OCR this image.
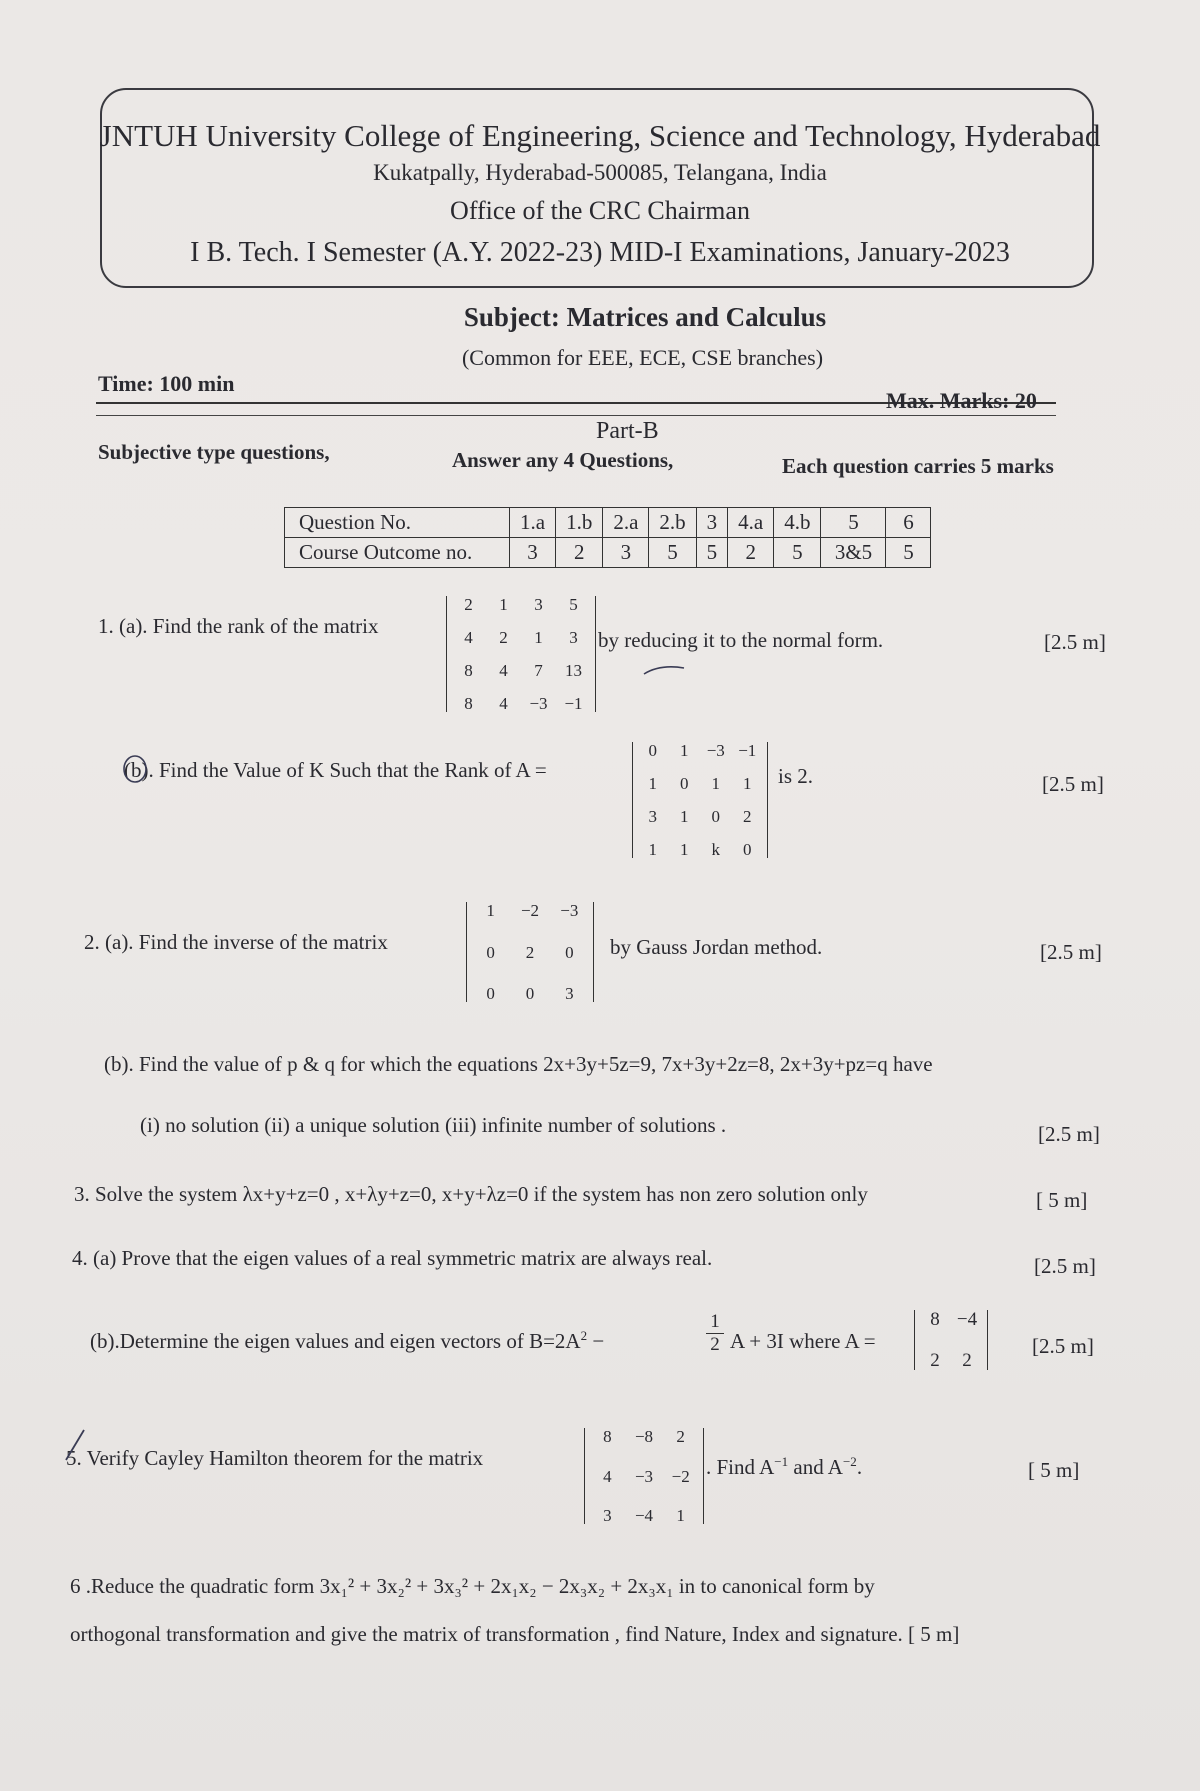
JNTUH University College of Engineering, Science and Technology, Hyderabad
Kukatpally, Hyderabad-500085, Telangana, India
Office of the CRC Chairman
I B. Tech. I Semester (A.Y. 2022-23) MID-I Examinations, January-2023
Subject: Matrices and Calculus
(Common for EEE, ECE, CSE branches)
Time: 100 min
Max. Marks: 20
Part-B
Subjective type questions,	Answer any 4 Questions,	Each question carries 5 marks
Question No.	1.a	1.b	2.a	2.b	3	4.a	4.b	5	6
Course Outcome no.	3	2	3	5	5	2	5	3&5	5
1. (a). Find the rank of the matrix
2	1	3	5
4	2	1	3
8	4	7	13
8	4	−3 −1
by reducing it to the normal form.	[2.5 m]
(b). Find the Value of K Such that the Rank of A =
0	1	−3 −1
1	0	1	1
3	1	0	2
1	1	k	0
is 2.	[2.5 m]
2. (a). Find the inverse of the matrix
1	−2	−3
0	2	0
0	0	3
by Gauss Jordan method.	[2.5 m]
(b). Find the value of p & q for which the equations 2x+3y+5z=9, 7x+3y+2z=8, 2x+3y+pz=q have
(i) no solution (ii) a unique solution (iii) infinite number of solutions .	[2.5 m]
3. Solve the system λx+y+z=0 , x+λy+z=0, x+y+λz=0 if the system has non zero solution only	[ 5 m]
4. (a) Prove that the eigen values of a real symmetric matrix are always real.	[2.5 m]
(b).Determine the eigen values and eigen vectors of $B=2A^2$ −	$\frac{1}{2}$ A + 3I where A =
8 −4
2	2
[2.5 m]
5. Verify Cayley Hamilton theorem for the matrix
8	−8	2
4	−3	−2
3	−4	1
. Find $A^{-1}$ and $A^{-2}$.	[ 5 m]
6 .Reduce the quadratic form 3x₁² + 3x₂² + 3x₃² + 2x₁x₂ − 2x₃x₂ + 2x₃x₁ in to canonical form by
orthogonal transformation and give the matrix of transformation , find Nature, Index and signature. [ 5 m]
